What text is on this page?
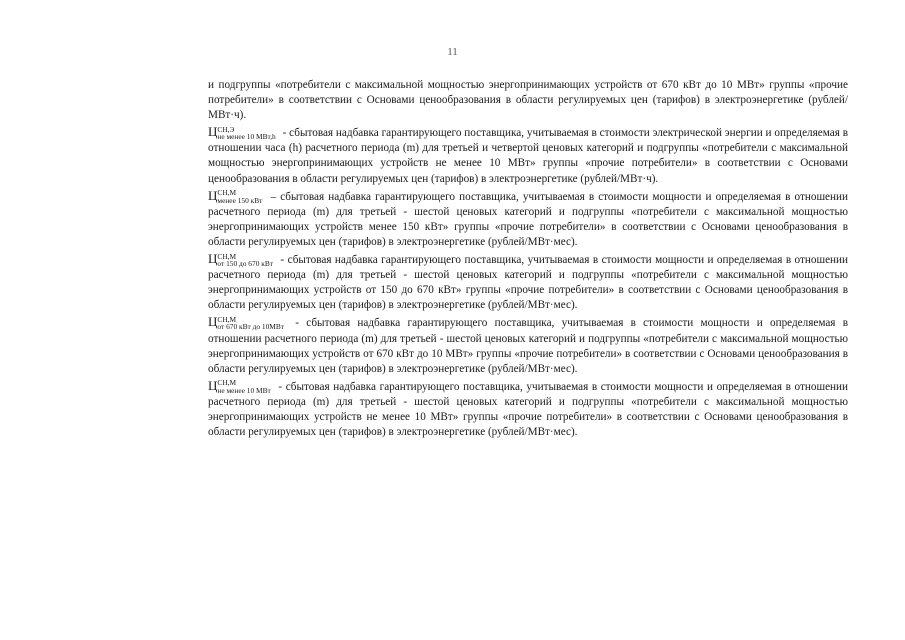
11

и подгруппы «потребители с максимальной мощностью энергопринимающих устройств от 670 кВт до 10 МВт» группы «прочие потребители» в соответствии с Основами ценообразования в области регулируемых цен (тарифов) в электроэнергетике (рублей/МВт·ч).

Ц СН,Э
не менее 10 МВт,h - сбытовая надбавка гарантирующего поставщика, учитываемая в стоимости электрической энергии и определяемая в отношении часа (h) расчетного периода (m) для третьей и четвертой ценовых категорий и подгруппы «потребители с максимальной мощностью энергопринимающих устройств не менее 10 МВт» группы «прочие потребители» в соответствии с Основами ценообразования в области регулируемых цен (тарифов) в электроэнергетике (рублей/МВт·ч).

Ц СН,М
менее 150 кВт – сбытовая надбавка гарантирующего поставщика, учитываемая в стоимости мощности и определяемая в отношении расчетного периода (m) для третьей - шестой ценовых категорий и подгруппы «потребители с максимальной мощностью энергопринимающих устройств менее 150 кВт» группы «прочие потребители» в соответствии с Основами ценообразования в области регулируемых цен (тарифов) в электроэнергетике (рублей/МВт·мес).

Ц СН,М
от 150 до 670 кВт - сбытовая надбавка гарантирующего поставщика, учитываемая в стоимости мощности и определяемая в отношении расчетного периода (m) для третьей - шестой ценовых категорий и подгруппы «потребители с максимальной мощностью энергопринимающих устройств от 150 до 670 кВт» группы «прочие потребители» в соответствии с Основами ценообразования в области регулируемых цен (тарифов) в электроэнергетике (рублей/МВт·мес).

Ц СН,М
от 670 кВт до 10МВт - сбытовая надбавка гарантирующего поставщика, учитываемая в стоимости мощности и определяемая в отношении расчетного периода (m) для третьей - шестой ценовых категорий и подгруппы «потребители с максимальной мощностью энергопринимающих устройств от 670 кВт до 10 МВт» группы «прочие потребители» в соответствии с Основами ценообразования в области регулируемых цен (тарифов) в электроэнергетике (рублей/МВт·мес).

Ц СН,М
не менее 10 МВт - сбытовая надбавка гарантирующего поставщика, учитываемая в стоимости мощности и определяемая в отношении расчетного периода (m) для третьей - шестой ценовых категорий и подгруппы «потребители с максимальной мощностью энергопринимающих устройств не менее 10 МВт» группы «прочие потребители» в соответствии с Основами ценообразования в области регулируемых цен (тарифов) в электроэнергетике (рублей/МВт·мес).
